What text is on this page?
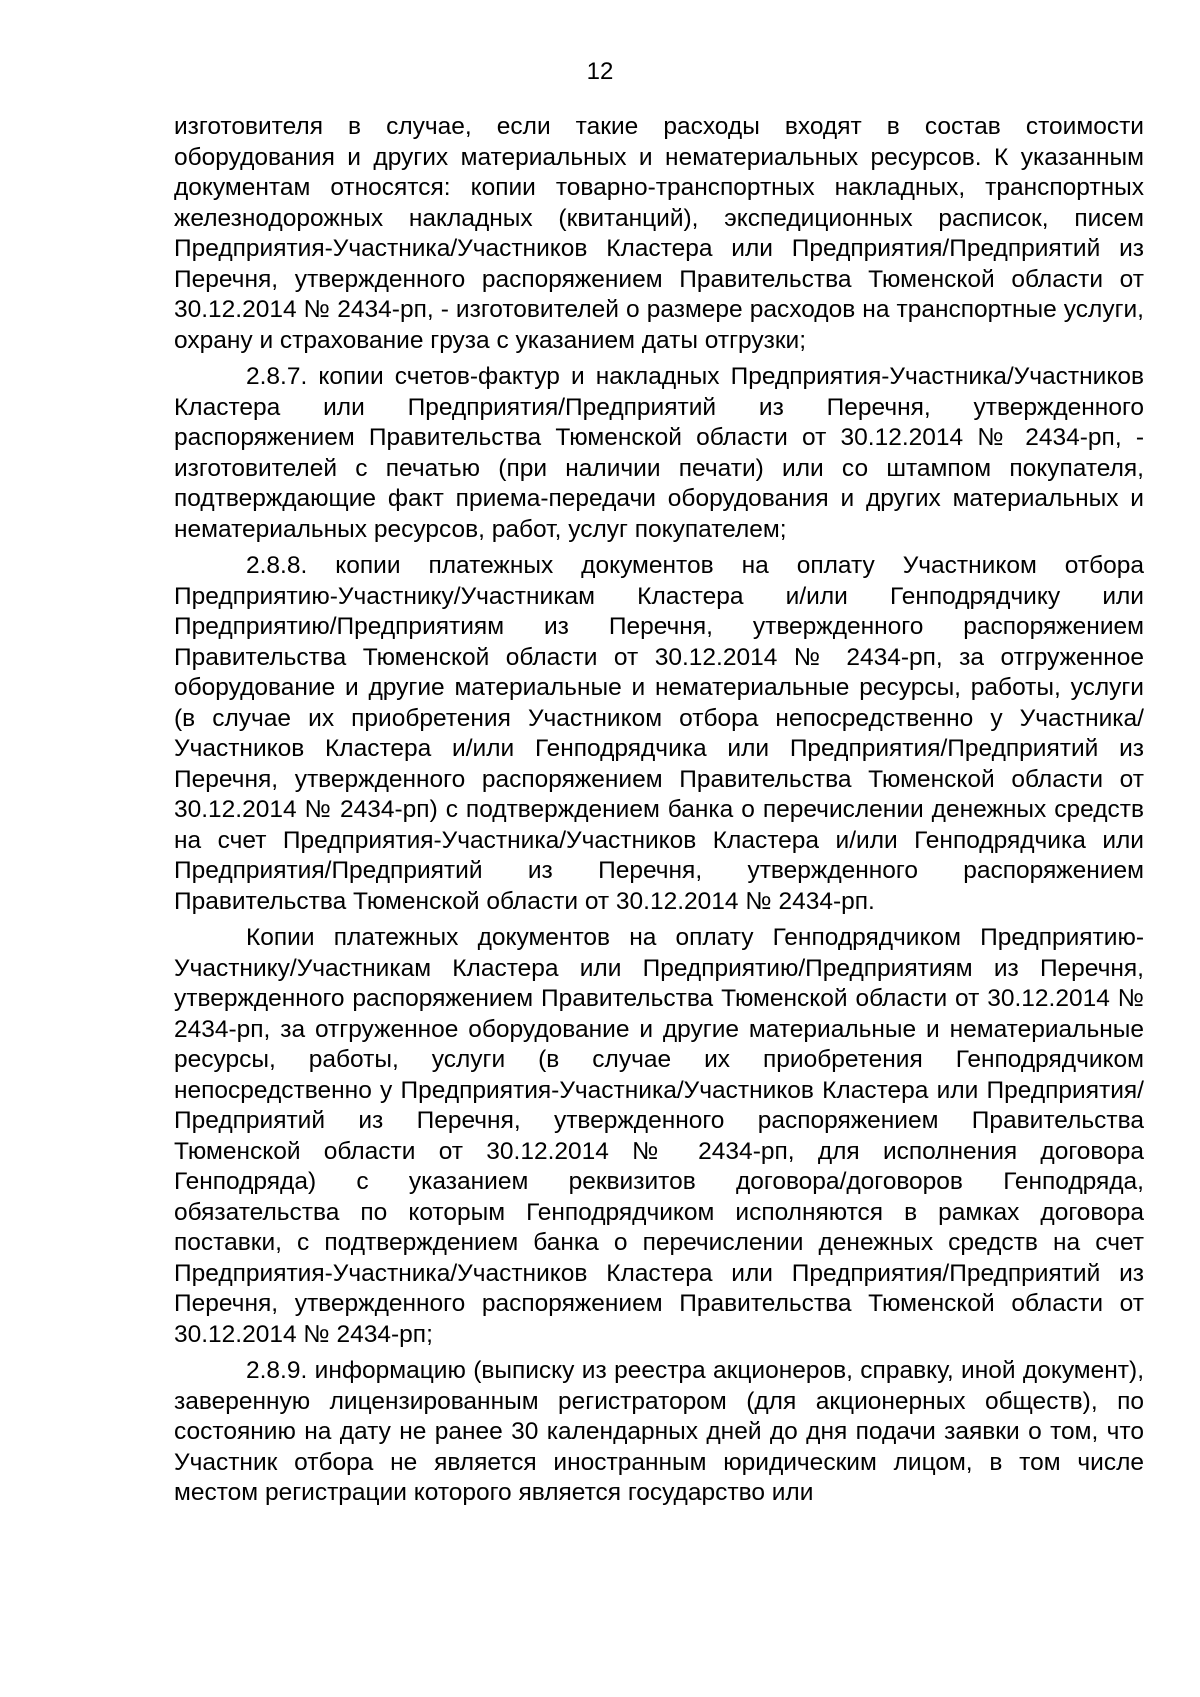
12

изготовителя в случае, если такие расходы входят в состав стоимости оборудования и других материальных и нематериальных ресурсов. К указанным документам относятся: копии товарно-транспортных накладных, транспортных железнодорожных накладных (квитанций), экспедиционных расписок, писем Предприятия-Участника/Участников Кластера или Предприятия/Предприятий из Перечня, утвержденного распоряжением Правительства Тюменской области от 30.12.2014 № 2434-рп, - изготовителей о размере расходов на транспортные услуги, охрану и страхование груза с указанием даты отгрузки;

2.8.7. копии счетов-фактур и накладных Предприятия-Участника/Участников Кластера или Предприятия/Предприятий из Перечня, утвержденного распоряжением Правительства Тюменской области от 30.12.2014 № 2434-рп, - изготовителей с печатью (при наличии печати) или со штампом покупателя, подтверждающие факт приема-передачи оборудования и других материальных и нематериальных ресурсов, работ, услуг покупателем;

2.8.8. копии платежных документов на оплату Участником отбора Предприятию-Участнику/Участникам Кластера и/или Генподрядчику или Предприятию/Предприятиям из Перечня, утвержденного распоряжением Правительства Тюменской области от 30.12.2014 № 2434-рп, за отгруженное оборудование и другие материальные и нематериальные ресурсы, работы, услуги (в случае их приобретения Участником отбора непосредственно у Участника/Участников Кластера и/или Генподрядчика или Предприятия/Предприятий из Перечня, утвержденного распоряжением Правительства Тюменской области от 30.12.2014 № 2434-рп) с подтверждением банка о перечислении денежных средств на счет Предприятия-Участника/Участников Кластера и/или Генподрядчика или Предприятия/Предприятий из Перечня, утвержденного распоряжением Правительства Тюменской области от 30.12.2014 № 2434-рп.

Копии платежных документов на оплату Генподрядчиком Предприятию-Участнику/Участникам Кластера или Предприятию/Предприятиям из Перечня, утвержденного распоряжением Правительства Тюменской области от 30.12.2014 № 2434-рп, за отгруженное оборудование и другие материальные и нематериальные ресурсы, работы, услуги (в случае их приобретения Генподрядчиком непосредственно у Предприятия-Участника/Участников Кластера или Предприятия/Предприятий из Перечня, утвержденного распоряжением Правительства Тюменской области от 30.12.2014 № 2434-рп, для исполнения договора Генподряда) с указанием реквизитов договора/договоров Генподряда, обязательства по которым Генподрядчиком исполняются в рамках договора поставки, с подтверждением банка о перечислении денежных средств на счет Предприятия-Участника/Участников Кластера или Предприятия/Предприятий из Перечня, утвержденного распоряжением Правительства Тюменской области от 30.12.2014 № 2434-рп;

2.8.9. информацию (выписку из реестра акционеров, справку, иной документ), заверенную лицензированным регистратором (для акционерных обществ), по состоянию на дату не ранее 30 календарных дней до дня подачи заявки о том, что Участник отбора не является иностранным юридическим лицом, в том числе местом регистрации которого является государство или
